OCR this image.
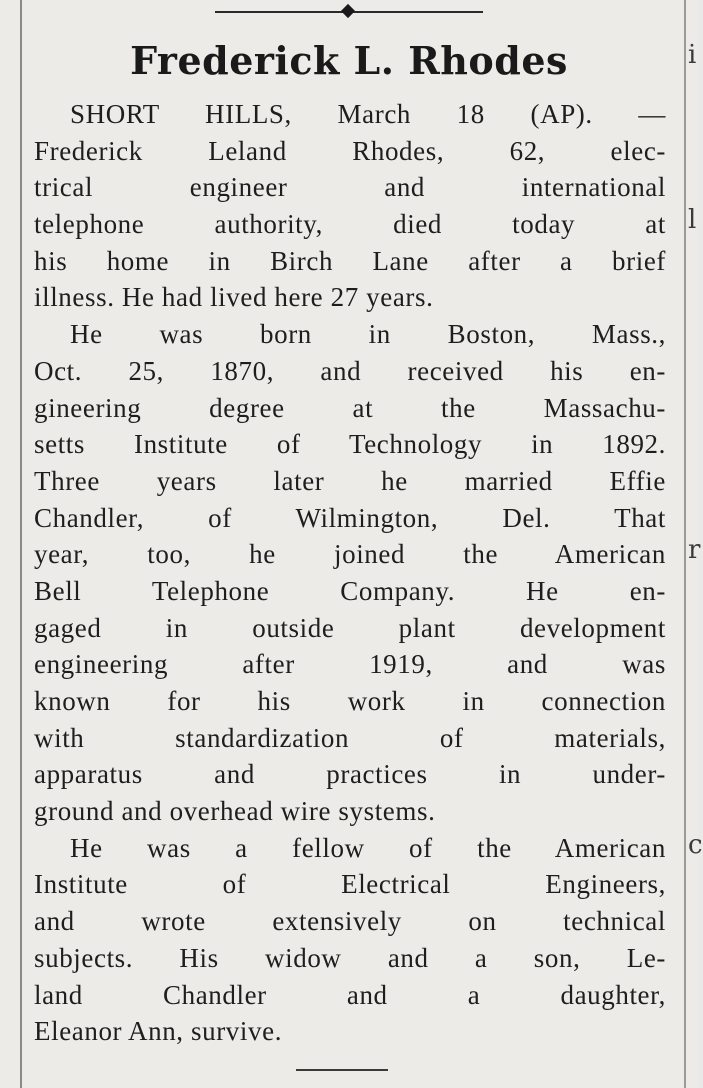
i
l
r
c
Frederick L. Rhodes
SHORT HILLS, March 18 (AP). —
Frederick Leland Rhodes, 62, elec-
trical engineer and international
telephone authority, died today at
his home in Birch Lane after a brief
illness. He had lived here 27 years.
He was born in Boston, Mass.,
Oct. 25, 1870, and received his en-
gineering degree at the Massachu-
setts Institute of Technology in 1892.
Three years later he married Effie
Chandler, of Wilmington, Del. That
year, too, he joined the American
Bell Telephone Company. He en-
gaged in outside plant development
engineering after 1919, and was
known for his work in connection
with standardization of materials,
apparatus and practices in under-
ground and overhead wire systems.
He was a fellow of the American
Institute of Electrical Engineers,
and wrote extensively on technical
subjects. His widow and a son, Le-
land Chandler and a daughter,
Eleanor Ann, survive.
